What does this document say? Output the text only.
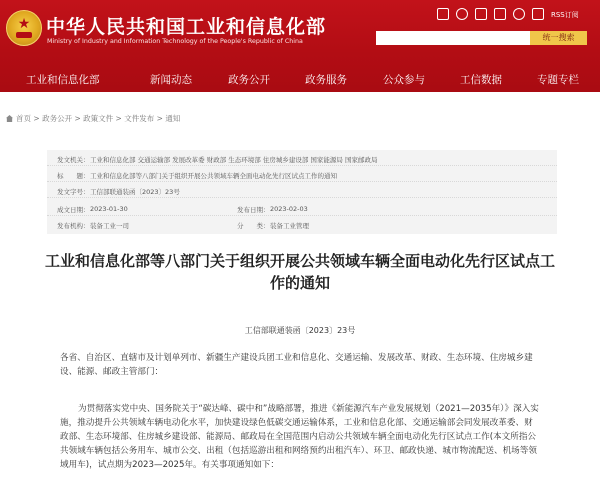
★ 中华人民共和国工业和信息化部
Ministry of Industry and Information Technology of the People's Republic of China
RSS订阅
统一搜索
工业和信息化部	新闻动态	政务公开	政务服务	公众参与	工信数据	专题专栏
首页 > 政务公开 > 政策文件 > 文件发布 > 通知
发文机关： 工业和信息化部 交通运输部 发展改革委 财政部 生态环境部 住房城乡建设部 国家能源局 国家邮政局
标　　题： 工业和信息化部等八部门关于组织开展公共领域车辆全面电动化先行区试点工作的通知
发文字号： 工信部联通装函〔2023〕23号
成文日期： 2023-01-30	发布日期： 2023-02-03
发布机构： 装备工业一司	分　　类： 装备工业管理
工业和信息化部等八部门关于组织开展公共领域车辆全面电动化先行区试点工作的通知
工信部联通装函〔2023〕23号
各省、自治区、直辖市及计划单列市、新疆生产建设兵团工业和信息化、交通运输、发展改革、财政、生态环境、住房城乡建设、能源、邮政主管部门：
为贯彻落实党中央、国务院关于“碳达峰、碳中和”战略部署，推进《新能源汽车产业发展规划（2021—2035年）》深入实施，推动提升公共领域车辆电动化水平，加快建设绿色低碳交通运输体系，工业和信息化部、交通运输部会同发展改革委、财政部、生态环境部、住房城乡建设部、能源局、邮政局在全国范围内启动公共领域车辆全面电动化先行区试点工作(本文所指公共领域车辆包括公务用车、城市公交、出租（包括巡游出租和网络预约出租汽车）、环卫、邮政快递、城市物流配送、机场等领域用车)，试点期为2023—2025年。有关事项通知如下：
